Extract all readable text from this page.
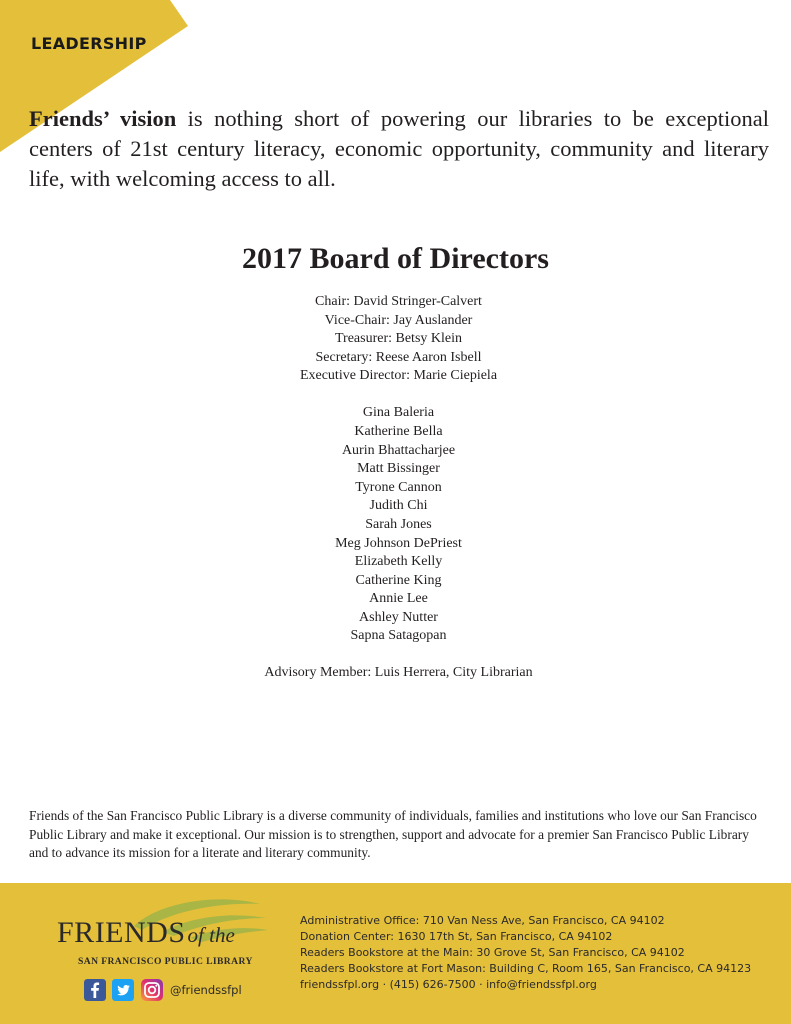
LEADERSHIP

Friends’ vision is nothing short of powering our libraries to be exceptional centers of 21st century literacy, economic opportunity, community and literary life, with welcoming access to all.

2017 Board of Directors
Chair: David Stringer-Calvert
Vice-Chair: Jay Auslander
Treasurer: Betsy Klein
Secretary: Reese Aaron Isbell
Executive Director: Marie Ciepiela
Gina Baleria
Katherine Bella
Aurin Bhattacharjee
Matt Bissinger
Tyrone Cannon
Judith Chi
Sarah Jones
Meg Johnson DePriest
Elizabeth Kelly
Catherine King
Annie Lee
Ashley Nutter
Sapna Satagopan
Advisory Member: Luis Herrera, City Librarian

Friends of the San Francisco Public Library is a diverse community of individuals, families and institutions who love our San Francisco Public Library and make it exceptional. Our mission is to strengthen, support and advocate for a premier San Francisco Public Library and to advance its mission for a literate and literary community.

FRIENDSof the
SAN FRANCISCO PUBLIC LIBRARY
@friendssfpl
Administrative Office: 710 Van Ness Ave, San Francisco, CA 94102
Donation Center: 1630 17th St, San Francisco, CA 94102
Readers Bookstore at the Main: 30 Grove St, San Francisco, CA 94102
Readers Bookstore at Fort Mason: Building C, Room 165, San Francisco, CA 94123
friendssfpl.org · (415) 626-7500 · info@friendssfpl.org
